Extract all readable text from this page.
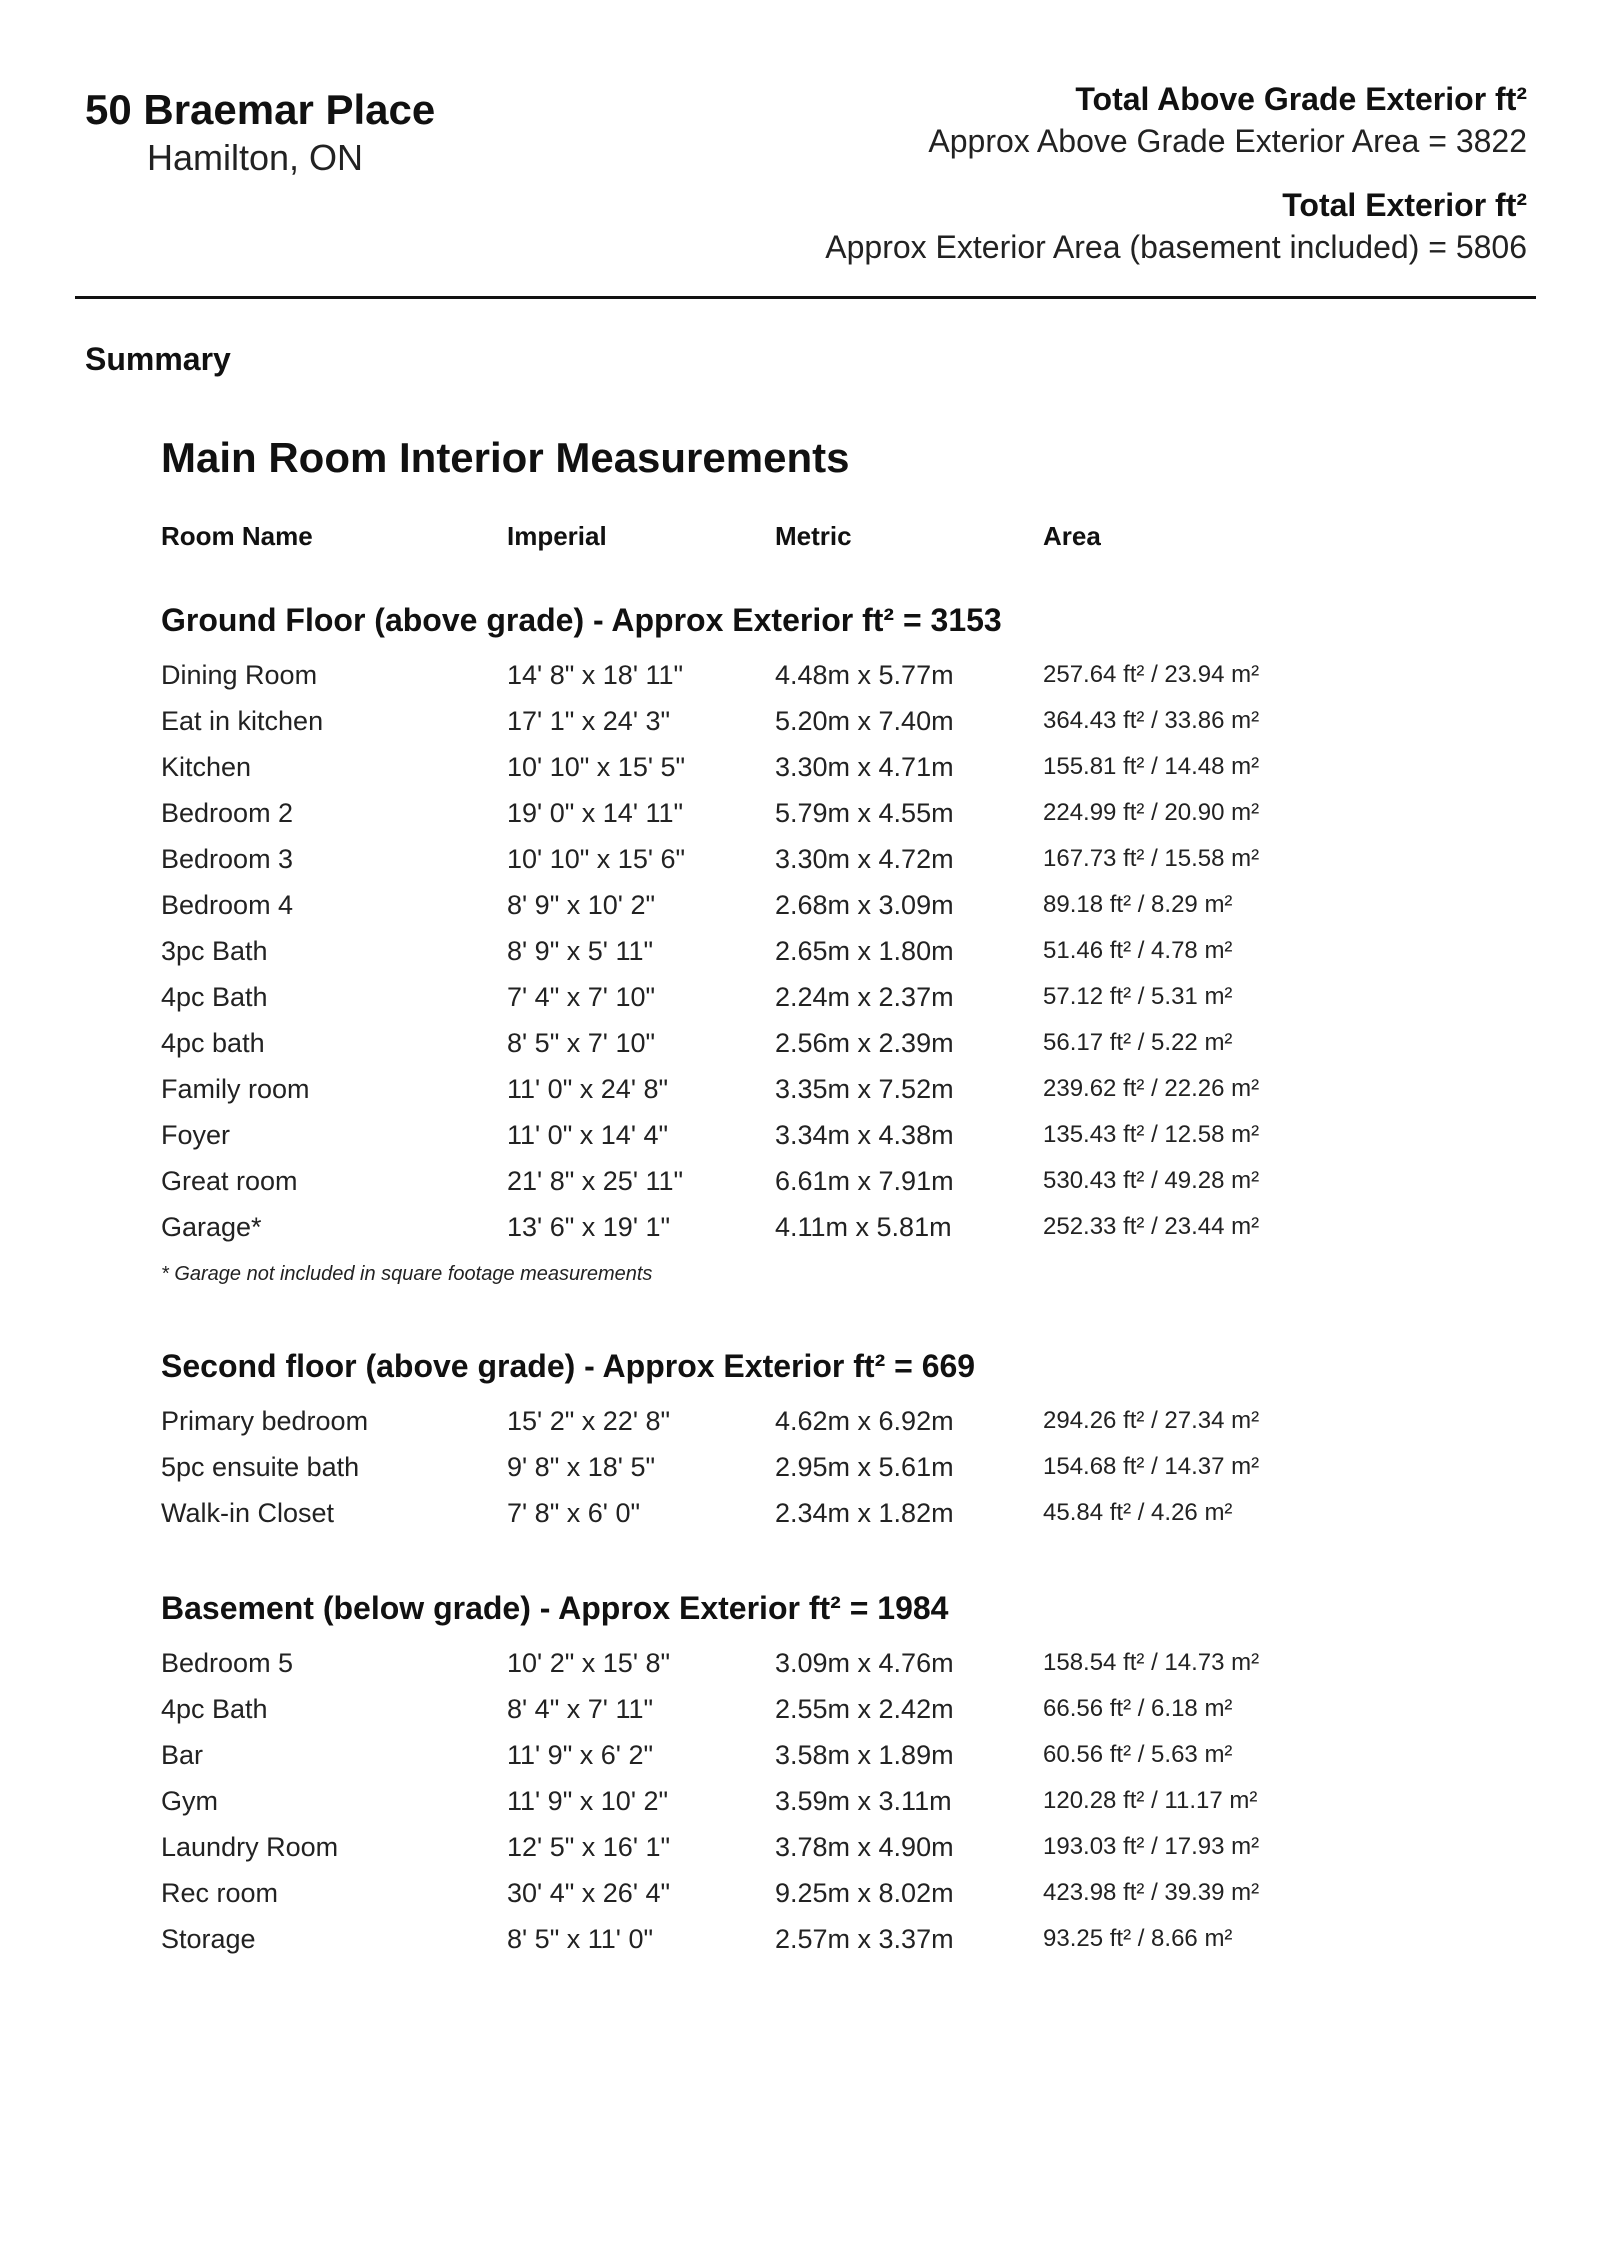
50 Braemar Place
Hamilton, ON
Total Above Grade Exterior ft²
Approx Above Grade Exterior Area = 3822
Total Exterior ft²
Approx Exterior Area (basement included) = 5806
Summary
Main Room Interior Measurements
Room Name	Imperial	Metric	Area
Ground Floor (above grade) - Approx Exterior ft² = 3153
Dining Room	14' 8" x 18' 11"	4.48m x 5.77m	257.64 ft² / 23.94 m²
Eat in kitchen	17' 1" x 24' 3"	5.20m x 7.40m	364.43 ft² / 33.86 m²
Kitchen	10' 10" x 15' 5"	3.30m x 4.71m	155.81 ft² / 14.48 m²
Bedroom 2	19' 0" x 14' 11"	5.79m x 4.55m	224.99 ft² / 20.90 m²
Bedroom 3	10' 10" x 15' 6"	3.30m x 4.72m	167.73 ft² / 15.58 m²
Bedroom 4	8' 9" x 10' 2"	2.68m x 3.09m	89.18 ft² / 8.29 m²
3pc Bath	8' 9" x 5' 11"	2.65m x 1.80m	51.46 ft² / 4.78 m²
4pc Bath	7' 4" x 7' 10"	2.24m x 2.37m	57.12 ft² / 5.31 m²
4pc bath	8' 5" x 7' 10"	2.56m x 2.39m	56.17 ft² / 5.22 m²
Family room	11' 0" x 24' 8"	3.35m x 7.52m	239.62 ft² / 22.26 m²
Foyer	11' 0" x 14' 4"	3.34m x 4.38m	135.43 ft² / 12.58 m²
Great room	21' 8" x 25' 11"	6.61m x 7.91m	530.43 ft² / 49.28 m²
Garage*	13' 6" x 19' 1"	4.11m x 5.81m	252.33 ft² / 23.44 m²
* Garage not included in square footage measurements
Second floor (above grade) - Approx Exterior ft² = 669
Primary bedroom	15' 2" x 22' 8"	4.62m x 6.92m	294.26 ft² / 27.34 m²
5pc ensuite bath	9' 8" x 18' 5"	2.95m x 5.61m	154.68 ft² / 14.37 m²
Walk-in Closet	7' 8" x 6' 0"	2.34m x 1.82m	45.84 ft² / 4.26 m²
Basement (below grade) - Approx Exterior ft² = 1984
Bedroom 5	10' 2" x 15' 8"	3.09m x 4.76m	158.54 ft² / 14.73 m²
4pc Bath	8' 4" x 7' 11"	2.55m x 2.42m	66.56 ft² / 6.18 m²
Bar	11' 9" x 6' 2"	3.58m x 1.89m	60.56 ft² / 5.63 m²
Gym	11' 9" x 10' 2"	3.59m x 3.11m	120.28 ft² / 11.17 m²
Laundry Room	12' 5" x 16' 1"	3.78m x 4.90m	193.03 ft² / 17.93 m²
Rec room	30' 4" x 26' 4"	9.25m x 8.02m	423.98 ft² / 39.39 m²
Storage	8' 5" x 11' 0"	2.57m x 3.37m	93.25 ft² / 8.66 m²
